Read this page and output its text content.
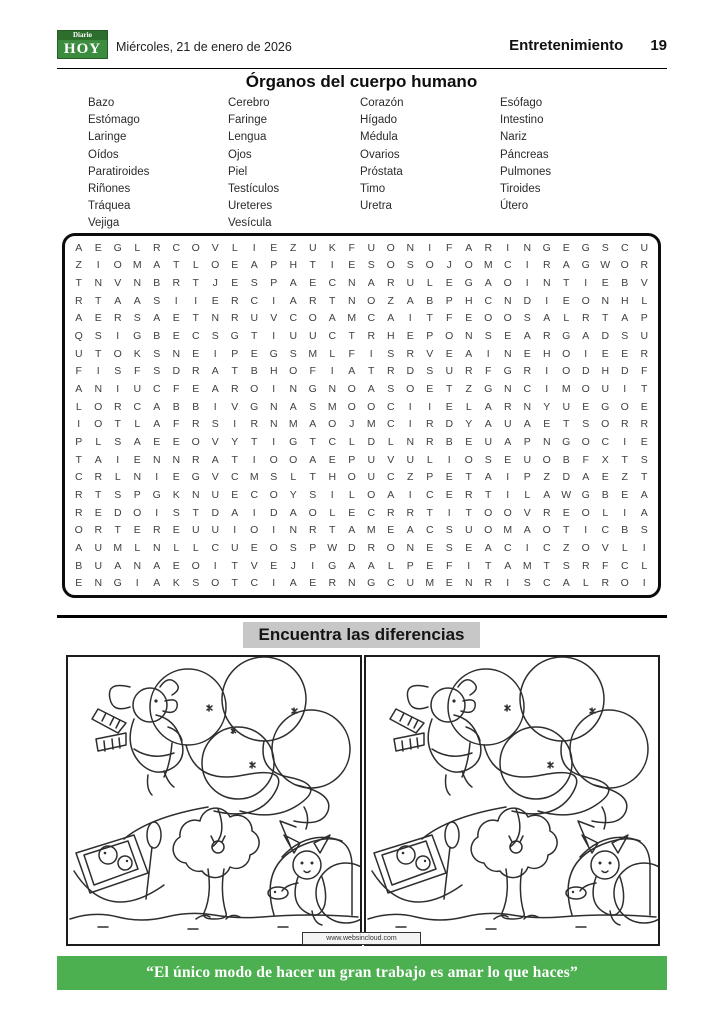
Diario
HOY Miércoles, 21 de enero de 2026	Entretenimiento 19
Órganos del cuerpo humano
Bazo
Estómago
Laringe
Oídos
Paratiroides
Riñones
Tráquea
Vejiga
Cerebro
Faringe
Lengua
Ojos
Piel
Testículos
Ureteres
Vesícula
Corazón
Hígado
Médula
Ovarios
Próstata
Timo
Uretra
Esófago
Intestino
Nariz
Páncreas
Pulmones
Tiroides
Útero
A	E	G	L	R	C	O	V	L	I	E	Z	U	K	F	U	O	N	I	F	A	R	I	N	G	E	G	S	C	U
Z	I	O	M	A	T	L	O	E	A	P	H	T	I	E	S	O	S	O	J	O	M	C	I	R	A	G W O	R
T	N	V	N	B	R	T	J	E	S	P	A	E	C	N	A	R	U	L	E	G	A	O	I	N	T	I	E	B	V
R	T	A	A	S	I	I	E	R	C	I	A	R	T	N	O	Z	A	B	P	H	C	N	D	I	E	O	N	H	L
A	E	R	S	A	E	T	N	R	U	V	C	O	A	M	C	A	I	T	F	E	O	O	S	A	L	R	T	A	P
Q	S	I	G	B	E	C	S	G	T	I	U	U	C	T	R	H	E	P	O	N	S	E	A	R	G	A	D	S	U
U	T	O	K	S	N	E	I	P	E	G	S	M	L	F	I	S	R	V	E	A	I	N	E	H	O	I	E	E	R
F	I	S	F	S	D	R	A	T	B	H	O	F	I	A	T	R	D	S	U	R	F	G	R	I	O	D	H	D	F
A	N	I	U	C	F	E	A	R	O	I	N	G	N	O	A	S	O	E	T	Z	G	N	C	I	M	O	U	I	T
L	O	R	C	A	B	B	I	V	G	N	A	S	M	O	O	C	I	I	E	L	A	R	N	Y	U	E	G	O	E
I	O	T	L	A	F	R	S	I	R	N	M	A	O	J	M	C	I	R	D	Y	A	U	A	E	T	S	O	R	R
P	L	S	A	E	E	O	V	Y	T	I	G	T	C	L	D	L	N	R	B	E	U	A	P	N	G	O	C	I	E
T	A	I	E	N	N	R	A	T	I	O	O	A	E	P	U	V	U	L	I	O	S	E	U	O	B	F	X	T	S
C	R	L	N	I	E	G	V	C	M	S	L	T	H	O	U	C	Z	P	E	T	A	I	P	Z	D	A	E	Z	T
R	T	S	P	G	K	N	U	E	C	O	Y	S	I	L	O	A	I	C	E	R	T	I	L	A	W G	B	E	A
R	E	D	O	I	S	T	D	A	I	D	A	O	L	E	C	R	R	T	I	T	O	O	V	R	E	O	L	I	A
O	R	T	E	R	E	U	U	I	O	I	N	R	T	A	M	E	A	C	S	U	O	M	A	O	T	I	C	B	S
A	U	M	L	N	L	L	C	U	E	O	S	P	W	D	R	O	N	E	S	E	A	C	I	C	Z	O	V	L	I
B	U	A	N	A	E	O	I	T	V	E	J	I	G	A	A	L	P	E	F	I	T	A	M	T	S	R	F	C	L
E	N	G	I	A	K	S	O	T	C	I	A	E	R	N	G	C	U	M	E	N	R	I	S	C	A	L	R	O	I
Encuentra las diferencias
www.websincloud.com
“El único modo de hacer un gran trabajo es amar lo que haces”
